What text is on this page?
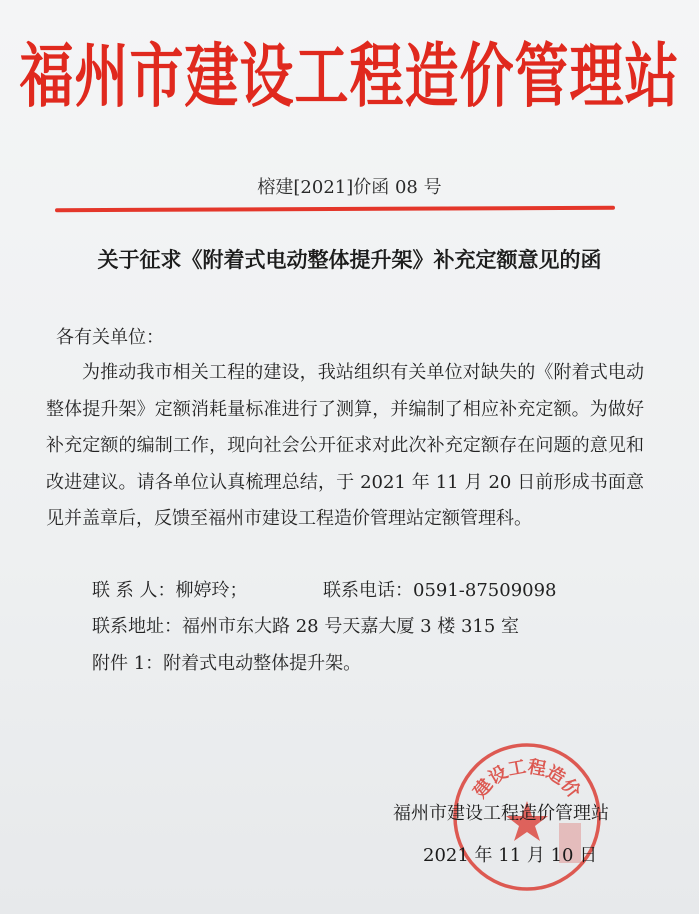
福州市建设工程造价管理站
榕建[2021]价函 08 号
关于征求《附着式电动整体提升架》补充定额意见的函
各有关单位：
为推动我市相关工程的建设，我站组织有关单位对缺失的《附着式电动整体提升架》定额消耗量标准进行了测算，并编制了相应补充定额。为做好补充定额的编制工作，现向社会公开征求对此次补充定额存在问题的意见和改进建议。请各单位认真梳理总结，于 2021 年 11 月 20 日前形成书面意见并盖章后，反馈至福州市建设工程造价管理站定额管理科。
联 系 人：柳婷玲；	联系电话：0591-87509098
联系地址：福州市东大路 28 号天嘉大厦 3 楼 315 室
附件 1：附着式电动整体提升架。
建设工程造价
福州市建设工程造价管理站
2021 年 11 月 10 日
